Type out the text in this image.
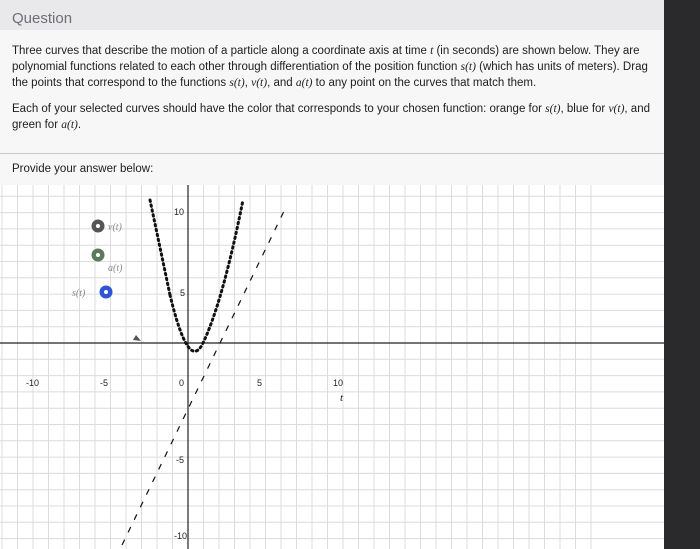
Question

Three curves that describe the motion of a particle along a coordinate axis at time t (in seconds) are shown below. They are polynomial functions related to each other through differentiation of the position function s(t) (which has units of meters). Drag the points that correspond to the functions s(t), v(t), and a(t) to any point on the curves that match them.

Each of your selected curves should have the color that corresponds to your chosen function: orange for s(t), blue for v(t), and green for a(t).

Provide your answer below:
10
5
-5
-10
-10	-5	0	5	10
t
v(t)
a(t)
s(t)
